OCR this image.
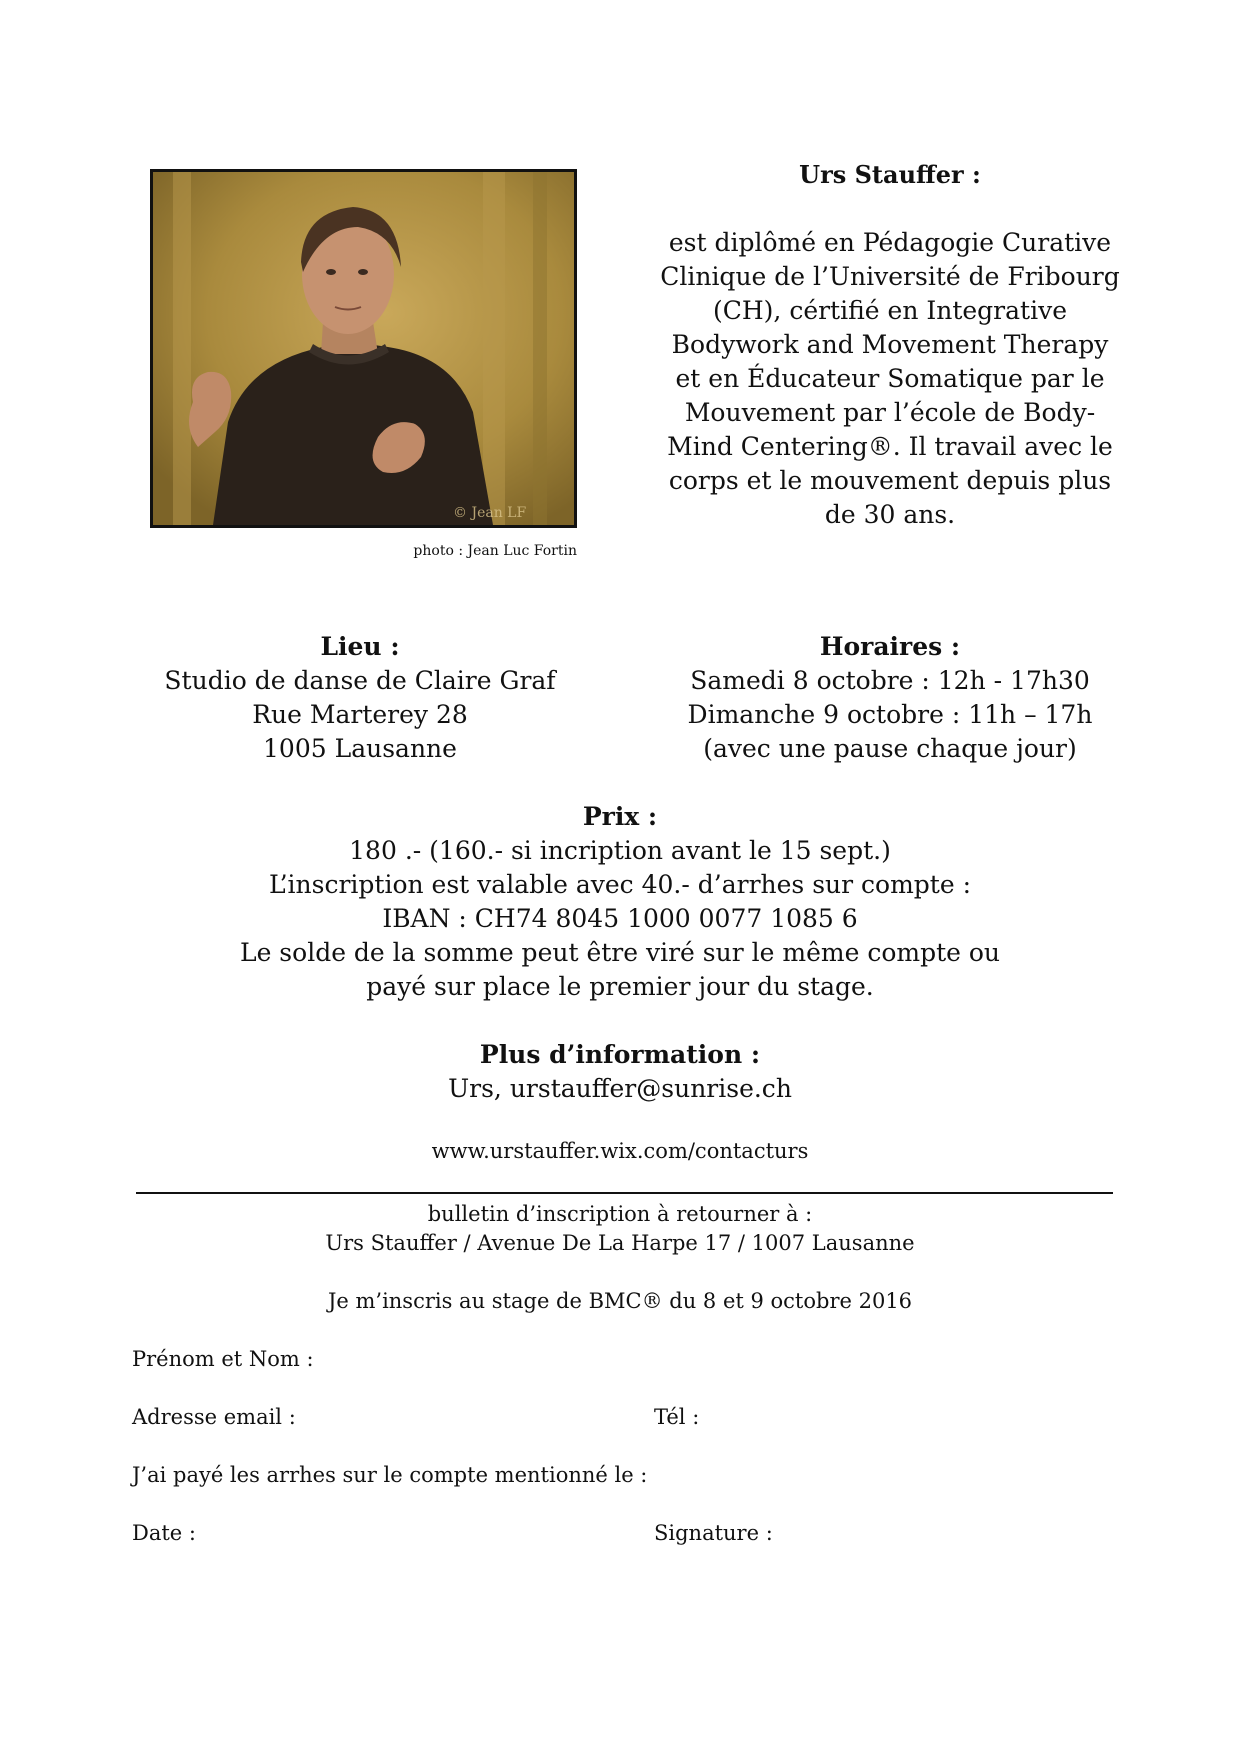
© Jean LF
photo : Jean Luc Fortin
Urs Stauffer :
est diplômé en Pédagogie Curative
Clinique de l’Université de Fribourg
(CH), cértifié en Integrative
Bodywork and Movement Therapy
et en Éducateur Somatique par le
Mouvement par l’école de Body-
Mind Centering®. Il travail avec le
corps et le mouvement depuis plus
de 30 ans.
Lieu :
Studio de danse de Claire Graf
Rue Marterey 28
1005 Lausanne
Horaires :
Samedi 8 octobre : 12h - 17h30
Dimanche 9 octobre : 11h – 17h
(avec une pause chaque jour)
Prix :
180 .- (160.- si incription avant le 15 sept.)
L’inscription est valable avec 40.- d’arrhes sur compte :
IBAN : CH74 8045 1000 0077 1085 6
Le solde de la somme peut être viré sur le même compte ou
payé sur place le premier jour du stage.
Plus d’information :
Urs, urstauffer@sunrise.ch
www.urstauffer.wix.com/contacturs
bulletin d’inscription à retourner à :
Urs Stauffer / Avenue De La Harpe 17 / 1007 Lausanne
Je m’inscris au stage de BMC® du 8 et 9 octobre 2016
Prénom et Nom :
Adresse email :	Tél :
J’ai payé les arrhes sur le compte mentionné le :
Date :	Signature :
